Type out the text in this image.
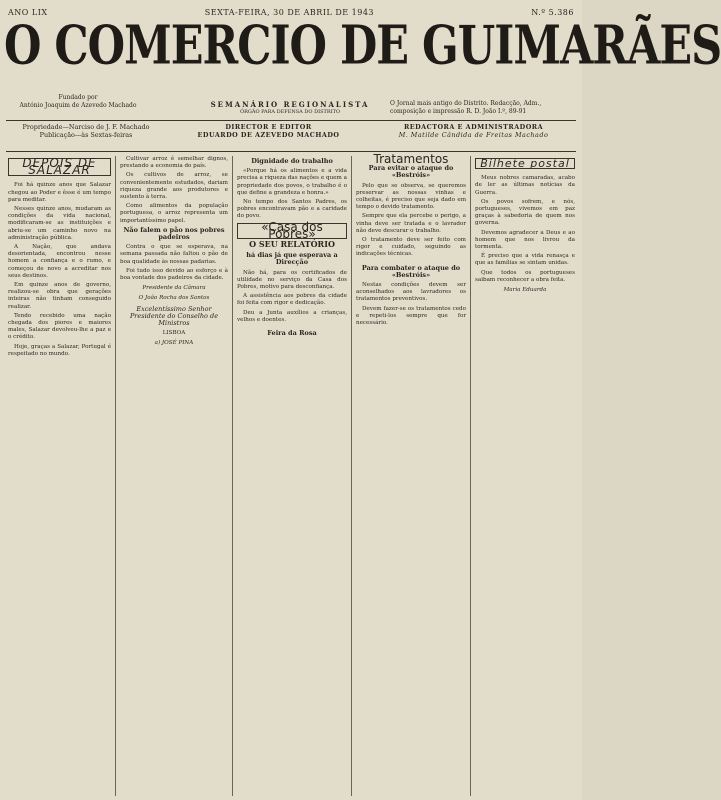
ANO LIX	SEXTA-FEIRA, 30 DE ABRIL DE 1943	N.º 5.386
O COMERCIO DE GUIMARÃES
Fundado por
António Joaquim de Azevedo Machado	SEMANÁRIO REGIONALISTA
ÓRGÃO PARA DEFENSA DO DISTRITO
O Jornal mais antigo do Distrito. Redacção, Adm., composição e impressão R. D. João I.º, 89-91
Propriedade—Narciso de J. F. Machado
Publicação—às Sextas-feiras
DIRECTOR E EDITOR
EDUARDO DE AZEVEDO MACHADO
REDACTORA E ADMINISTRADORA
M. Matilde Cândida de Freitas Machado
DEPOIS DE SALAZAR

Foi há quinze anos que Salazar chegou ao Poder e êsse é um tempo para meditar.

Nesses quinze anos, mudaram as condições da vida nacional, modificaram-se as instituições e abriu-se um caminho novo na administração pública.

A Nação, que andava desorientada, encontrou nesse homem a confiança e o rumo, e começou de novo a acreditar nos seus destinos.

Em quinze anos de governo, realizou-se obra que gerações inteiras não tinham conseguido realizar.

Tendo recebido uma nação chegada dos piores e maiores males, Salazar devolveu-lhe a paz e o crédito.

Hoje, graças a Salazar, Portugal é respeitado no mundo.

Cultivar arroz é semelhar dignos, prestando a economia do país.

Os cultivos de arroz, se convenientemente estudados, dariam riqueza grande aos produtores e sustento à terra.

Como alimentos da população portuguesa, o arroz representa um importantíssimo papel.

Não falem o pão nos pobres padeiros

Contra o que se esperava, na semana passada não faltou o pão de boa qualidade às nossas padarias.

Foi tudo isso devido ao esforço e à boa vontade dos padeiros da cidade.

Presidente da Câmara
O João Rocha dos Santos
Excelentíssimo Senhor Presidente do Conselho de Ministros
LISBOA
a) JOSÉ PINA
Dignidade do trabalho

«Porque há os alimentos e a vida precisa a riqueza das nações e quem a propriedade dos povos, o trabalho é o que define a grandeza e honra.»

No tempo dos Santos Padres, os pobres encontravam pão e a caridade do povo.

«Casa dos Pobres»
O SEU RELATÓRIO
há dias já que esperava a Direcção

Não há, para os certificados de utilidade no serviço da Casa dos Pobres, motivo para desconfiança.

A assistência aos pobres da cidade foi feita com rigor e dedicação.

Deu a Junta auxílios a crianças, velhos e doentes.

Feira da Rosa
Tratamentos
Para evitar o ataque do «Bestróis»

Pelo que se observa, se queremos preservar as nossas vinhas e colheitas, é preciso que seja dado em tempo o devido tratamento.

Sempre que ela percebe o perigo, a vinha deve ser tratada e o lavrador não deve descurar o trabalho.

O tratamento deve ser feito com rigor e cuidado, seguindo as indicações técnicas.

Para combater o ataque do «Bestróis»

Nestas condições devem ser aconselhados aos lavradores os tratamentos preventivos.

Devem fazer-se os tratamentos cedo e repeti-los sempre que for necessário.

Bilhete postal

Meus nobres camaradas, acabo de ler as últimas notícias da Guerra.

Os povos sofrem, e nós, portugueses, vivemos em paz graças à sabedoria de quem nos governa.

Devemos agradecer a Deus e ao homem que nos livrou da tormenta.

É preciso que a vida renasça e que as famílias se sintam unidas.

Que todos os portugueses saibam reconhecer a obra feita.

Maria Eduarda
